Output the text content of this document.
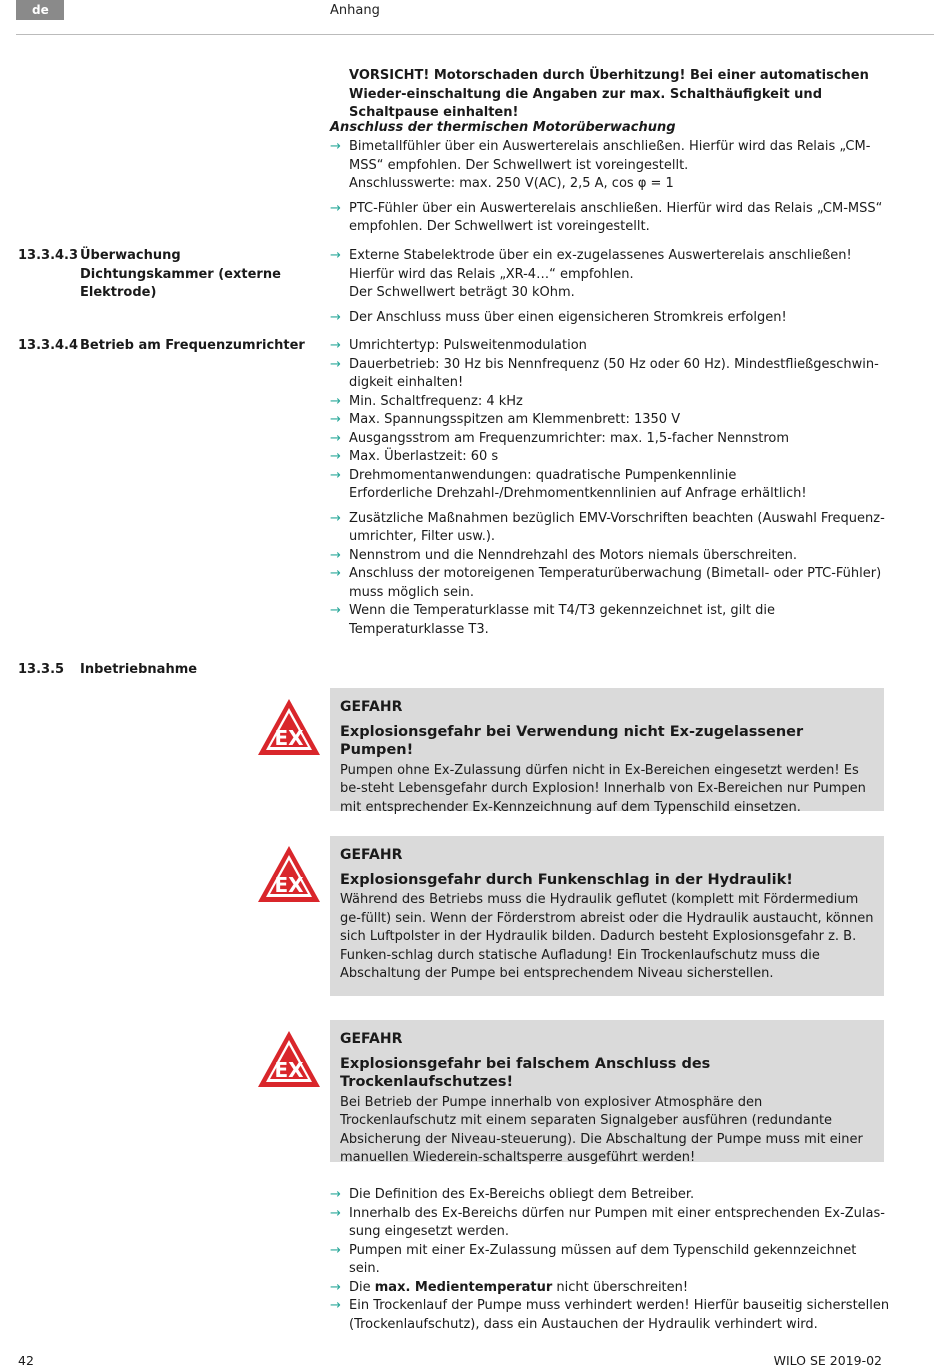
de	Anhang
VORSICHT! Motorschaden durch Überhitzung! Bei einer automatischen Wieder-einschaltung die Angaben zur max. Schalthäufigkeit und Schaltpause einhalten!
Anschluss der thermischen Motorüberwachung
→ Bimetallfühler über ein Auswerterelais anschließen. Hierfür wird das Relais „CM-MSS“ empfohlen. Der Schwellwert ist voreingestellt.
Anschlusswerte: max. 250 V(AC), 2,5 A, cos φ = 1
→ PTC-Fühler über ein Auswerterelais anschließen. Hierfür wird das Relais „CM-MSS“ empfohlen. Der Schwellwert ist voreingestellt.
13.3.4.3 Überwachung Dichtungskammer (externe Elektrode)
→ Externe Stabelektrode über ein ex-zugelassenes Auswerterelais anschließen! Hierfür wird das Relais „XR-4…“ empfohlen.
Der Schwellwert beträgt 30 kOhm.
→ Der Anschluss muss über einen eigensicheren Stromkreis erfolgen!
13.3.4.4 Betrieb am Frequenzumrichter	→ Umrichtertyp: Pulsweitenmodulation
→ Dauerbetrieb: 30 Hz bis Nennfrequenz (50 Hz oder 60 Hz). Mindestfließgeschwin-digkeit einhalten!
→ Min. Schaltfrequenz: 4 kHz
→ Max. Spannungsspitzen am Klemmenbrett: 1350 V
→ Ausgangsstrom am Frequenzumrichter: max. 1,5-facher Nennstrom
→ Max. Überlastzeit: 60 s
→ Drehmomentanwendungen: quadratische Pumpenkennlinie
Erforderliche Drehzahl-/Drehmomentkennlinien auf Anfrage erhältlich!
→ Zusätzliche Maßnahmen bezüglich EMV-Vorschriften beachten (Auswahl Frequenz-umrichter, Filter usw.).
→ Nennstrom und die Nenndrehzahl des Motors niemals überschreiten.
→ Anschluss der motoreigenen Temperaturüberwachung (Bimetall- oder PTC-Fühler) muss möglich sein.
→ Wenn die Temperaturklasse mit T4/T3 gekennzeichnet ist, gilt die Temperaturklasse T3.
13.3.5 Inbetriebnahme
EX
GEFAHR
Explosionsgefahr bei Verwendung nicht Ex-zugelassener Pumpen!
Pumpen ohne Ex-Zulassung dürfen nicht in Ex-Bereichen eingesetzt werden! Es be-steht Lebensgefahr durch Explosion! Innerhalb von Ex-Bereichen nur Pumpen mit entsprechender Ex-Kennzeichnung auf dem Typenschild einsetzen.
EX
GEFAHR
Explosionsgefahr durch Funkenschlag in der Hydraulik!
Während des Betriebs muss die Hydraulik geflutet (komplett mit Fördermedium ge-füllt) sein. Wenn der Förderstrom abreist oder die Hydraulik austaucht, können sich Luftpolster in der Hydraulik bilden. Dadurch besteht Explosionsgefahr z. B. Funken-schlag durch statische Aufladung! Ein Trockenlaufschutz muss die Abschaltung der Pumpe bei entsprechendem Niveau sicherstellen.
EX
GEFAHR
Explosionsgefahr bei falschem Anschluss des Trockenlaufschutzes!
Bei Betrieb der Pumpe innerhalb von explosiver Atmosphäre den Trockenlaufschutz mit einem separaten Signalgeber ausführen (redundante Absicherung der Niveau-steuerung). Die Abschaltung der Pumpe muss mit einer manuellen Wiederein-schaltsperre ausgeführt werden!
→ Die Definition des Ex-Bereichs obliegt dem Betreiber.
→ Innerhalb des Ex-Bereichs dürfen nur Pumpen mit einer entsprechenden Ex-Zulas-sung eingesetzt werden.
→ Pumpen mit einer Ex-Zulassung müssen auf dem Typenschild gekennzeichnet sein.
→ Die max. Medientemperatur nicht überschreiten!
→ Ein Trockenlauf der Pumpe muss verhindert werden! Hierfür bauseitig sicherstellen (Trockenlaufschutz), dass ein Austauchen der Hydraulik verhindert wird.
42	WILO SE 2019-02
